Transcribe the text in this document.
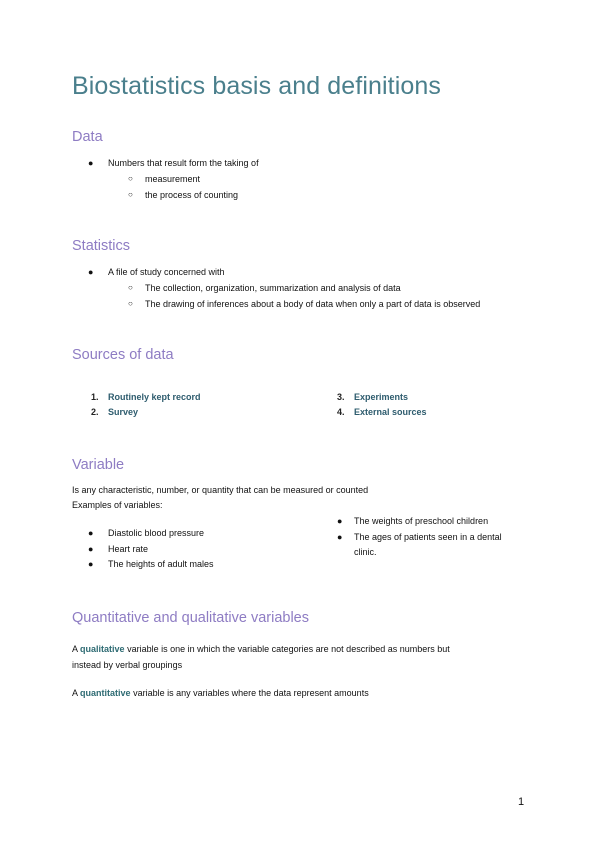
Biostatistics basis and definitions
Data
● Numbers that result form the taking of
○ measurement
○ the process of counting
Statistics
● A file of study concerned with
○ The collection, organization, summarization and analysis of data
○ The drawing of inferences about a body of data when only a part of data is observed
Sources of data
1. Routinely kept record
2. Survey
3. Experiments
4. External sources
Variable
Is any characteristic, number, or quantity that can be measured or counted
Examples of variables:
● Diastolic blood pressure
● Heart rate
● The heights of adult males
● The weights of preschool children
● The ages of patients seen in a dental
clinic.
Quantitative and qualitative variables
A qualitative variable is one in which the variable categories are not described as numbers but
instead by verbal groupings
A quantitative variable is any variables where the data represent amounts
1
